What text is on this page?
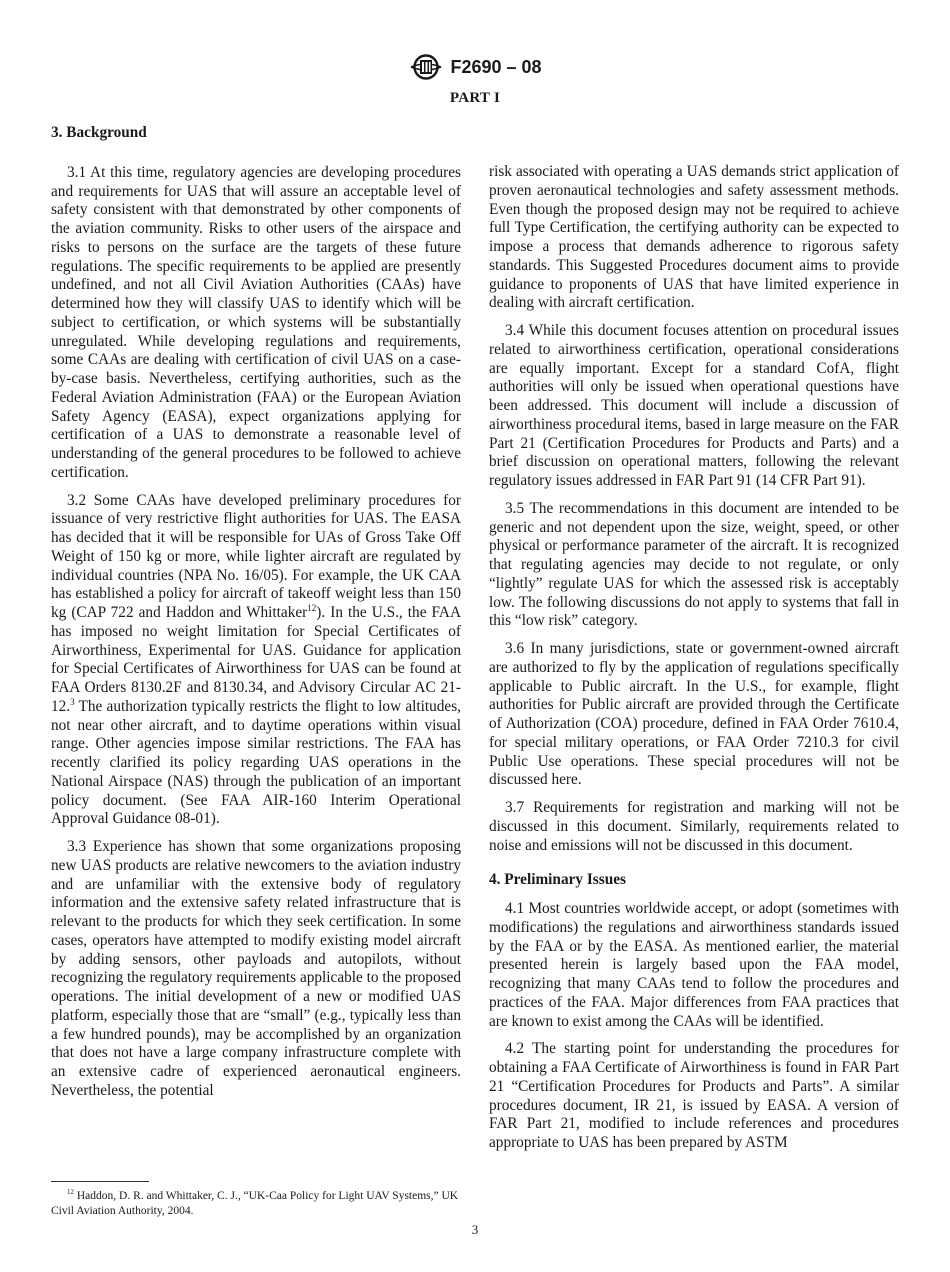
F2690 – 08
PART I
3. Background

3.1 At this time, regulatory agencies are developing procedures and requirements for UAS that will assure an acceptable level of safety consistent with that demonstrated by other components of the aviation community. Risks to other users of the airspace and risks to persons on the surface are the targets of these future regulations. The specific requirements to be applied are presently undefined, and not all Civil Aviation Authorities (CAAs) have determined how they will classify UAS to identify which will be subject to certification, or which systems will be substantially unregulated. While developing regulations and requirements, some CAAs are dealing with certification of civil UAS on a case-by-case basis. Nevertheless, certifying authorities, such as the Federal Aviation Administration (FAA) or the European Aviation Safety Agency (EASA), expect organizations applying for certification of a UAS to demonstrate a reasonable level of understanding of the general procedures to be followed to achieve certification.

3.2 Some CAAs have developed preliminary procedures for issuance of very restrictive flight authorities for UAS. The EASA has decided that it will be responsible for UAs of Gross Take Off Weight of 150 kg or more, while lighter aircraft are regulated by individual countries (NPA No. 16/05). For example, the UK CAA has established a policy for aircraft of takeoff weight less than 150 kg (CAP 722 and Haddon and Whittaker$^{12}$). In the U.S., the FAA has imposed no weight limitation for Special Certificates of Airworthiness, Experimental for UAS. Guidance for application for Special Certificates of Airworthiness for UAS can be found at FAA Orders 8130.2F and 8130.34, and Advisory Circular AC 21-12.$^3$ The authorization typically restricts the flight to low altitudes, not near other aircraft, and to daytime operations within visual range. Other agencies impose similar restrictions. The FAA has recently clarified its policy regarding UAS operations in the National Airspace (NAS) through the publication of an important policy document. (See FAA AIR-160 Interim Operational Approval Guidance 08-01).

3.3 Experience has shown that some organizations proposing new UAS products are relative newcomers to the aviation industry and are unfamiliar with the extensive body of regulatory information and the extensive safety related infrastructure that is relevant to the products for which they seek certification. In some cases, operators have attempted to modify existing model aircraft by adding sensors, other payloads and autopilots, without recognizing the regulatory requirements applicable to the proposed operations. The initial development of a new or modified UAS platform, especially those that are “small” (e.g., typically less than a few hundred pounds), may be accomplished by an organization that does not have a large company infrastructure complete with an extensive cadre of experienced aeronautical engineers. Nevertheless, the potential

risk associated with operating a UAS demands strict application of proven aeronautical technologies and safety assessment methods. Even though the proposed design may not be required to achieve full Type Certification, the certifying authority can be expected to impose a process that demands adherence to rigorous safety standards. This Suggested Procedures document aims to provide guidance to proponents of UAS that have limited experience in dealing with aircraft certification.

3.4 While this document focuses attention on procedural issues related to airworthiness certification, operational considerations are equally important. Except for a standard CofA, flight authorities will only be issued when operational questions have been addressed. This document will include a discussion of airworthiness procedural items, based in large measure on the FAR Part 21 (Certification Procedures for Products and Parts) and a brief discussion on operational matters, following the relevant regulatory issues addressed in FAR Part 91 (14 CFR Part 91).

3.5 The recommendations in this document are intended to be generic and not dependent upon the size, weight, speed, or other physical or performance parameter of the aircraft. It is recognized that regulating agencies may decide to not regulate, or only “lightly” regulate UAS for which the assessed risk is acceptably low. The following discussions do not apply to systems that fall in this “low risk” category.

3.6 In many jurisdictions, state or government-owned aircraft are authorized to fly by the application of regulations specifically applicable to Public aircraft. In the U.S., for example, flight authorities for Public aircraft are provided through the Certificate of Authorization (COA) procedure, defined in FAA Order 7610.4, for special military operations, or FAA Order 7210.3 for civil Public Use operations. These special procedures will not be discussed here.

3.7 Requirements for registration and marking will not be discussed in this document. Similarly, requirements related to noise and emissions will not be discussed in this document.

4. Preliminary Issues

4.1 Most countries worldwide accept, or adopt (sometimes with modifications) the regulations and airworthiness standards issued by the FAA or by the EASA. As mentioned earlier, the material presented herein is largely based upon the FAA model, recognizing that many CAAs tend to follow the procedures and practices of the FAA. Major differences from FAA practices that are known to exist among the CAAs will be identified.

4.2 The starting point for understanding the procedures for obtaining a FAA Certificate of Airworthiness is found in FAR Part 21 “Certification Procedures for Products and Parts”. A similar procedures document, IR 21, is issued by EASA. A version of FAR Part 21, modified to include references and procedures appropriate to UAS has been prepared by ASTM

$^{12}$ Haddon, D. R. and Whittaker, C. J., “UK-Caa Policy for Light UAV Systems,” UK Civil Aviation Authority, 2004.
3
